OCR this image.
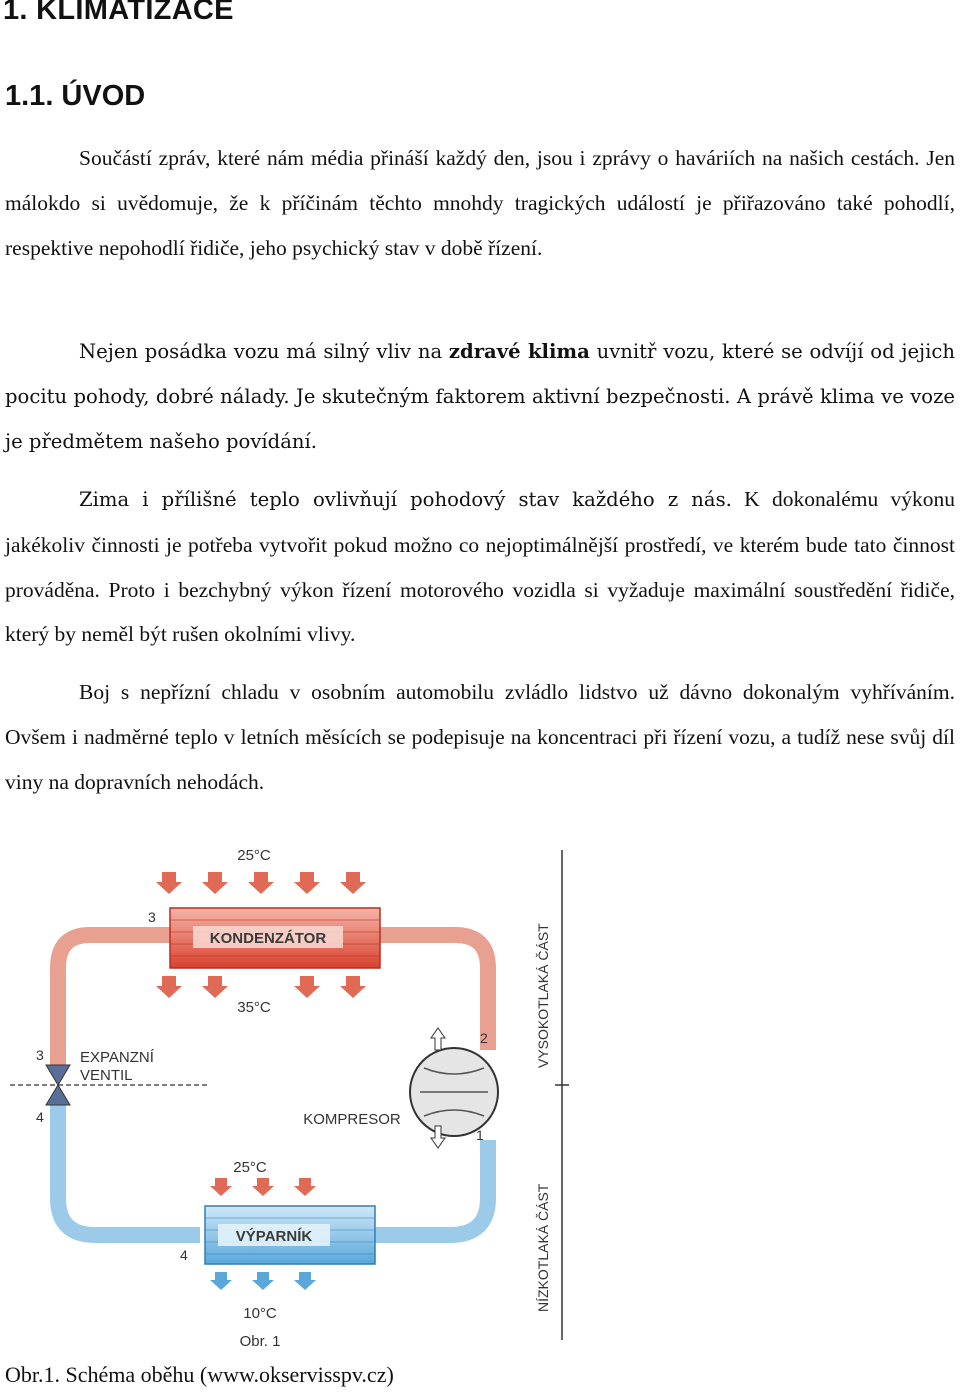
1. KLIMATIZACE
1.1. ÚVOD

Součástí zpráv, které nám média přináší každý den, jsou i zprávy o haváriích na našich cestách. Jen málokdo si uvědomuje, že k příčinám těchto mnohdy tragických událostí je přiřazováno také pohodlí, respektive nepohodlí řidiče, jeho psychický stav v době řízení.

Nejen posádka vozu má silný vliv na zdravé klima uvnitř vozu, které se odvíjí od jejich pocitu pohody, dobré nálady. Je skutečným faktorem aktivní bezpečnosti. A právě klima ve voze je předmětem našeho povídání.

Zima i přílišné teplo ovlivňují pohodový stav každého z nás. K dokonalému výkonu jakékoliv činnosti je potřeba vytvořit pokud možno co nejoptimálnější prostředí, ve kterém bude tato činnost prováděna. Proto i bezchybný výkon řízení motorového vozidla si vyžaduje maximální soustředění řidiče, který by neměl být rušen okolními vlivy.

Boj s nepřízní chladu v osobním automobilu zvládlo lidstvo už dávno dokonalým vyhříváním. Ovšem i nadměrné teplo v letních měsících se podepisuje na koncentraci při řízení vozu, a tudíž nese svůj díl viny na dopravních nehodách.

KONDENZÁTOR
25°C
35°C
EXPANZNÍ
VENTIL
3
4
3
KOMPRESOR
2
1
25°C
VÝPARNÍK
4
10°C
Obr. 1
VYSOKOTLAKÁ ČÁST
NÍZKOTLAKÁ ČÁST

Obr.1. Schéma oběhu (www.okservisspv.cz)
